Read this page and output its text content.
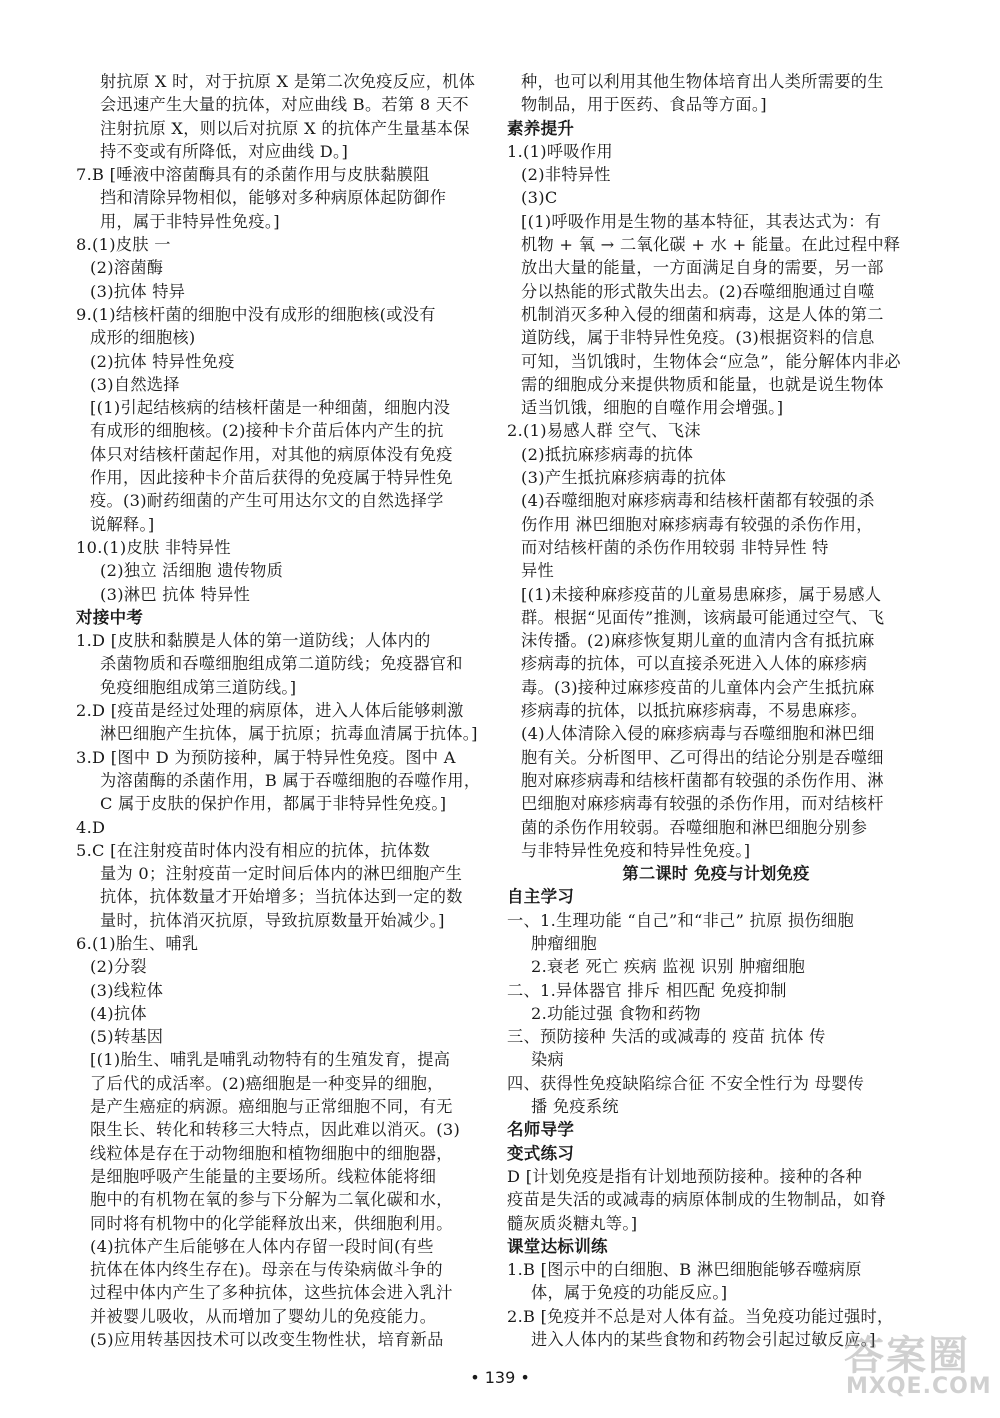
射抗原 X 时，对于抗原 X 是第二次免疫反应，机体
会迅速产生大量的抗体，对应曲线 B。若第 8 天不
注射抗原 X，则以后对抗原 X 的抗体产生量基本保
持不变或有所降低，对应曲线 D。]
7.B [唾液中溶菌酶具有的杀菌作用与皮肤黏膜阻
挡和清除异物相似，能够对多种病原体起防御作
用，属于非特异性免疫。]
8.(1)皮肤 一
(2)溶菌酶
(3)抗体 特异
9.(1)结核杆菌的细胞中没有成形的细胞核(或没有
成形的细胞核)
(2)抗体 特异性免疫
(3)自然选择
[(1)引起结核病的结核杆菌是一种细菌，细胞内没
有成形的细胞核。(2)接种卡介苗后体内产生的抗
体只对结核杆菌起作用，对其他的病原体没有免疫
作用，因此接种卡介苗后获得的免疫属于特异性免
疫。(3)耐药细菌的产生可用达尔文的自然选择学
说解释。]
10.(1)皮肤 非特异性
(2)独立 活细胞 遗传物质
(3)淋巴 抗体 特异性
对接中考
1.D [皮肤和黏膜是人体的第一道防线；人体内的
杀菌物质和吞噬细胞组成第二道防线；免疫器官和
免疫细胞组成第三道防线。]
2.D [疫苗是经过处理的病原体，进入人体后能够刺激
淋巴细胞产生抗体，属于抗原；抗毒血清属于抗体。]
3.D [图中 D 为预防接种，属于特异性免疫。图中 A
为溶菌酶的杀菌作用，B 属于吞噬细胞的吞噬作用，
C 属于皮肤的保护作用，都属于非特异性免疫。]
4.D
5.C [在注射疫苗时体内没有相应的抗体，抗体数
量为 0；注射疫苗一定时间后体内的淋巴细胞产生
抗体，抗体数量才开始增多；当抗体达到一定的数
量时，抗体消灭抗原，导致抗原数量开始减少。]
6.(1)胎生、哺乳
(2)分裂
(3)线粒体
(4)抗体
(5)转基因
[(1)胎生、哺乳是哺乳动物特有的生殖发育，提高
了后代的成活率。(2)癌细胞是一种变异的细胞，
是产生癌症的病源。癌细胞与正常细胞不同，有无
限生长、转化和转移三大特点，因此难以消灭。(3)
线粒体是存在于动物细胞和植物细胞中的细胞器，
是细胞呼吸产生能量的主要场所。线粒体能将细
胞中的有机物在氧的参与下分解为二氧化碳和水，
同时将有机物中的化学能释放出来，供细胞利用。
(4)抗体产生后能够在人体内存留一段时间(有些
抗体在体内终生存在)。母亲在与传染病做斗争的
过程中体内产生了多种抗体，这些抗体会进入乳汁
并被婴儿吸收，从而增加了婴幼儿的免疫能力。
(5)应用转基因技术可以改变生物性状，培育新品
种，也可以利用其他生物体培育出人类所需要的生
物制品，用于医药、食品等方面。]
素养提升
1.(1)呼吸作用
(2)非特异性
(3)C
[(1)呼吸作用是生物的基本特征，其表达式为：有
机物 + 氧 → 二氧化碳 + 水 + 能量。在此过程中释
放出大量的能量，一方面满足自身的需要，另一部
分以热能的形式散失出去。(2)吞噬细胞通过自噬
机制消灭多种入侵的细菌和病毒，这是人体的第二
道防线，属于非特异性免疫。(3)根据资料的信息
可知，当饥饿时，生物体会“应急”，能分解体内非必
需的细胞成分来提供物质和能量，也就是说生物体
适当饥饿，细胞的自噬作用会增强。]
2.(1)易感人群 空气、飞沫
(2)抵抗麻疹病毒的抗体
(3)产生抵抗麻疹病毒的抗体
(4)吞噬细胞对麻疹病毒和结核杆菌都有较强的杀
伤作用 淋巴细胞对麻疹病毒有较强的杀伤作用，
而对结核杆菌的杀伤作用较弱 非特异性 特
异性
[(1)未接种麻疹疫苗的儿童易患麻疹，属于易感人
群。根据“见面传”推测，该病最可能通过空气、飞
沫传播。(2)麻疹恢复期儿童的血清内含有抵抗麻
疹病毒的抗体，可以直接杀死进入人体的麻疹病
毒。(3)接种过麻疹疫苗的儿童体内会产生抵抗麻
疹病毒的抗体，以抵抗麻疹病毒，不易患麻疹。
(4)人体清除入侵的麻疹病毒与吞噬细胞和淋巴细
胞有关。分析图甲、乙可得出的结论分别是吞噬细
胞对麻疹病毒和结核杆菌都有较强的杀伤作用、淋
巴细胞对麻疹病毒有较强的杀伤作用，而对结核杆
菌的杀伤作用较弱。吞噬细胞和淋巴细胞分别参
与非特异性免疫和特异性免疫。]
第二课时 免疫与计划免疫
自主学习
一、1.生理功能 “自己”和“非己” 抗原 损伤细胞
肿瘤细胞
2.衰老 死亡 疾病 监视 识别 肿瘤细胞
二、1.异体器官 排斥 相匹配 免疫抑制
2.功能过强 食物和药物
三、预防接种 失活的或减毒的 疫苗 抗体 传
染病
四、获得性免疫缺陷综合征 不安全性行为 母婴传
播 免疫系统
名师导学
变式练习
D [计划免疫是指有计划地预防接种。接种的各种
疫苗是失活的或减毒的病原体制成的生物制品，如脊
髓灰质炎糖丸等。]
课堂达标训练
1.B [图示中的白细胞、B 淋巴细胞能够吞噬病原
体，属于免疫的功能反应。]
2.B [免疫并不总是对人体有益。当免疫功能过强时，
进入人体内的某些食物和药物会引起过敏反应。]
• 139 •	答案圈
MXQE.COM
